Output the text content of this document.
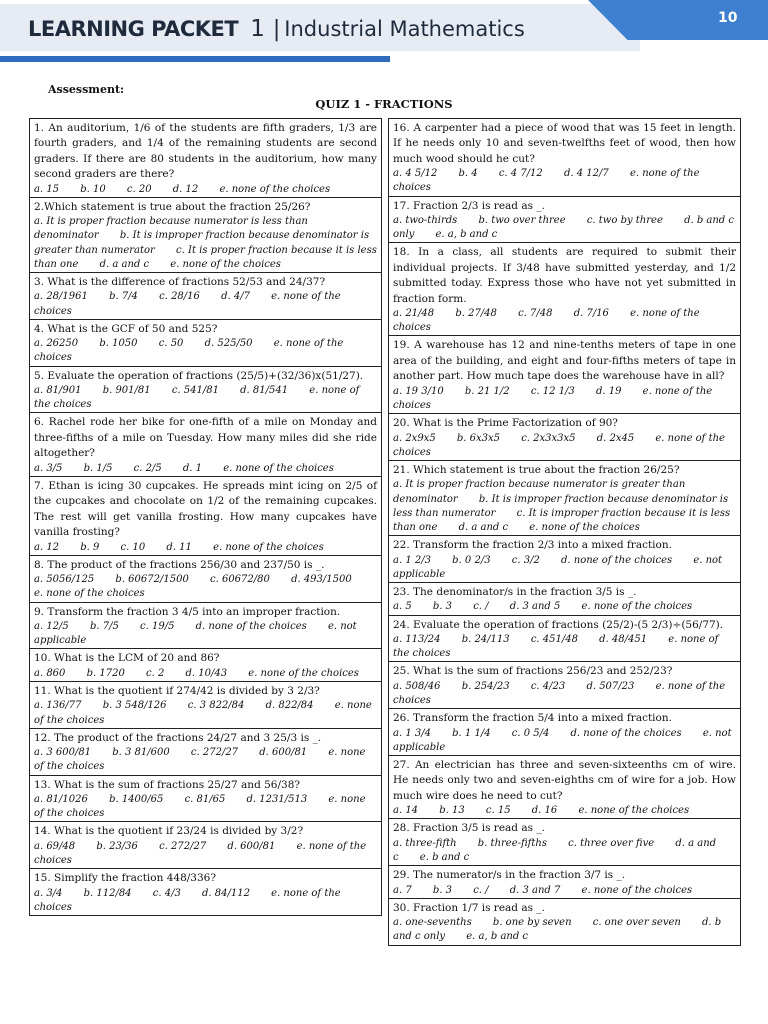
LEARNING PACKET 1 | Industrial Mathematics	10
Assessment:
QUIZ 1 - FRACTIONS
1. An auditorium, 1/6 of the students are fifth graders, 1/3 are fourth graders, and 1/4 of the remaining students are second graders. If there are 80 students in the auditorium, how many second graders are there?
a. 15 b. 10 c. 20 d. 12 e. none of the choices
2.Which statement is true about the fraction 25/26?
a. It is proper fraction because numerator is less than denominator b. It is improper fraction because denominator is greater than numerator c. It is proper fraction because it is less than one d. a and c e. none of the choices
3. What is the difference of fractions 52/53 and 24/37?
a. 28/1961 b. 7/4 c. 28/16 d. 4/7 e. none of the choices
4. What is the GCF of 50 and 525?
a. 26250 b. 1050 c. 50 d. 525/50 e. none of the choices
5. Evaluate the operation of fractions (25/5)+(32/36)x(51/27).
a. 81/901 b. 901/81 c. 541/81 d. 81/541 e. none of the choices
6. Rachel rode her bike for one-fifth of a mile on Monday and three-fifths of a mile on Tuesday. How many miles did she ride altogether?
a. 3/5 b. 1/5 c. 2/5 d. 1 e. none of the choices
7. Ethan is icing 30 cupcakes. He spreads mint icing on 2/5 of the cupcakes and chocolate on 1/2 of the remaining cupcakes. The rest will get vanilla frosting. How many cupcakes have vanilla frosting?
a. 12 b. 9 c. 10 d. 11 e. none of the choices
8. The product of the fractions 256/30 and 237/50 is _.
a. 5056/125 b. 60672/1500 c. 60672/80 d. 493/1500 e. none of the choices
9. Transform the fraction 3 4/5 into an improper fraction.
a. 12/5 b. 7/5 c. 19/5 d. none of the choices e. not applicable
10. What is the LCM of 20 and 86?
a. 860 b. 1720 c. 2 d. 10/43 e. none of the choices
11. What is the quotient if 274/42 is divided by 3 2/3?
a. 136/77 b. 3 548/126 c. 3 822/84 d. 822/84 e. none of the choices
12. The product of the fractions 24/27 and 3 25/3 is _.
a. 3 600/81 b. 3 81/600 c. 272/27 d. 600/81 e. none of the choices
13. What is the sum of fractions 25/27 and 56/38?
a. 81/1026 b. 1400/65 c. 81/65 d. 1231/513 e. none of the choices
14. What is the quotient if 23/24 is divided by 3/2?
a. 69/48 b. 23/36 c. 272/27 d. 600/81 e. none of the choices
15. Simplify the fraction 448/336?
a. 3/4 b. 112/84 c. 4/3 d. 84/112 e. none of the choices
16. A carpenter had a piece of wood that was 15 feet in length. If he needs only 10 and seven-twelfths feet of wood, then how much wood should he cut?
a. 4 5/12 b. 4 c. 4 7/12 d. 4 12/7 e. none of the choices
17. Fraction 2/3 is read as _.
a. two-thirds b. two over three c. two by three d. b and c only e. a, b and c
18. In a class, all students are required to submit their individual projects. If 3/48 have submitted yesterday, and 1/2 submitted today. Express those who have not yet submitted in fraction form.
a. 21/48 b. 27/48 c. 7/48 d. 7/16 e. none of the choices
19. A warehouse has 12 and nine-tenths meters of tape in one area of the building, and eight and four-fifths meters of tape in another part. How much tape does the warehouse have in all?
a. 19 3/10 b. 21 1/2 c. 12 1/3 d. 19 e. none of the choices
20. What is the Prime Factorization of 90?
a. 2x9x5 b. 6x3x5 c. 2x3x3x5 d. 2x45 e. none of the choices
21. Which statement is true about the fraction 26/25?
a. It is proper fraction because numerator is greater than denominator b. It is improper fraction because denominator is less than numerator c. It is improper fraction because it is less than one d. a and c e. none of the choices
22. Transform the fraction 2/3 into a mixed fraction.
a. 1 2/3 b. 0 2/3 c. 3/2 d. none of the choices e. not applicable
23. The denominator/s in the fraction 3/5 is _.
a. 5 b. 3 c. / d. 3 and 5 e. none of the choices
24. Evaluate the operation of fractions (25/2)-(5 2/3)÷(56/77).
a. 113/24 b. 24/113 c. 451/48 d. 48/451 e. none of the choices
25. What is the sum of fractions 256/23 and 252/23?
a. 508/46 b. 254/23 c. 4/23 d. 507/23 e. none of the choices
26. Transform the fraction 5/4 into a mixed fraction.
a. 1 3/4 b. 1 1/4 c. 0 5/4 d. none of the choices e. not applicable
27. An electrician has three and seven-sixteenths cm of wire. He needs only two and seven-eighths cm of wire for a job. How much wire does he need to cut?
a. 14 b. 13 c. 15 d. 16 e. none of the choices
28. Fraction 3/5 is read as _.
a. three-fifth b. three-fifths c. three over five d. a and c e. b and c
29. The numerator/s in the fraction 3/7 is _.
a. 7 b. 3 c. / d. 3 and 7 e. none of the choices
30. Fraction 1/7 is read as _.
a. one-sevenths b. one by seven c. one over seven d. b and c only e. a, b and c
